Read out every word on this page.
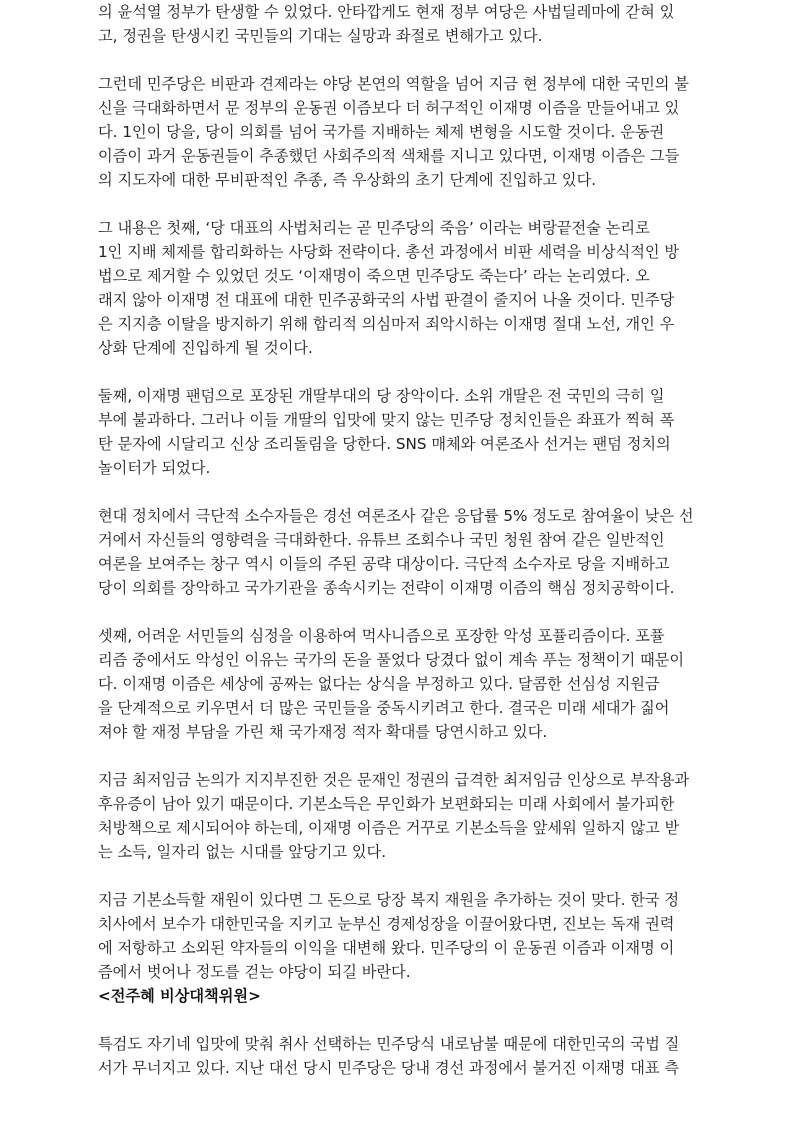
의 윤석열 정부가 탄생할 수 있었다. 안타깝게도 현재 정부 여당은 사법딜레마에 갇혀 있
고, 정권을 탄생시킨 국민들의 기대는 실망과 좌절로 변해가고 있다.
그런데 민주당은 비판과 견제라는 야당 본연의 역할을 넘어 지금 현 정부에 대한 국민의 불
신을 극대화하면서 문 정부의 운동권 이즘보다 더 허구적인 이재명 이즘을 만들어내고 있
다. 1인이 당을, 당이 의회를 넘어 국가를 지배하는 체제 변형을 시도할 것이다. 운동권
이즘이 과거 운동권들이 추종했던 사회주의적 색채를 지니고 있다면, 이재명 이즘은 그들
의 지도자에 대한 무비판적인 추종, 즉 우상화의 초기 단계에 진입하고 있다.
그 내용은 첫째, ‘당 대표의 사법처리는 곧 민주당의 죽음’ 이라는 벼랑끝전술 논리로
1인 지배 체제를 합리화하는 사당화 전략이다. 총선 과정에서 비판 세력을 비상식적인 방
법으로 제거할 수 있었던 것도 ‘이재명이 죽으면 민주당도 죽는다’ 라는 논리였다. 오
래지 않아 이재명 전 대표에 대한 민주공화국의 사법 판결이 줄지어 나올 것이다. 민주당
은 지지층 이탈을 방지하기 위해 합리적 의심마저 죄악시하는 이재명 절대 노선, 개인 우
상화 단계에 진입하게 될 것이다.
둘째, 이재명 팬덤으로 포장된 개딸부대의 당 장악이다. 소위 개딸은 전 국민의 극히 일
부에 불과하다. 그러나 이들 개딸의 입맛에 맞지 않는 민주당 정치인들은 좌표가 찍혀 폭
탄 문자에 시달리고 신상 조리돌림을 당한다. SNS 매체와 여론조사 선거는 팬덤 정치의
놀이터가 되었다.
현대 정치에서 극단적 소수자들은 경선 여론조사 같은 응답률 5% 정도로 참여율이 낮은 선
거에서 자신들의 영향력을 극대화한다. 유튜브 조회수나 국민 청원 참여 같은 일반적인
여론을 보여주는 창구 역시 이들의 주된 공략 대상이다. 극단적 소수자로 당을 지배하고
당이 의회를 장악하고 국가기관을 종속시키는 전략이 이재명 이즘의 핵심 정치공학이다.
셋째, 어려운 서민들의 심정을 이용하여 먹사니즘으로 포장한 악성 포퓰리즘이다. 포퓰
리즘 중에서도 악성인 이유는 국가의 돈을 풀었다 당겼다 없이 계속 푸는 정책이기 때문이
다. 이재명 이즘은 세상에 공짜는 없다는 상식을 부정하고 있다. 달콤한 선심성 지원금
을 단계적으로 키우면서 더 많은 국민들을 중독시키려고 한다. 결국은 미래 세대가 짊어
져야 할 재정 부담을 가린 채 국가재정 적자 확대를 당연시하고 있다.
지금 최저임금 논의가 지지부진한 것은 문재인 정권의 급격한 최저임금 인상으로 부작용과
후유증이 남아 있기 때문이다. 기본소득은 무인화가 보편화되는 미래 사회에서 불가피한
처방책으로 제시되어야 하는데, 이재명 이즘은 거꾸로 기본소득을 앞세워 일하지 않고 받
는 소득, 일자리 없는 시대를 앞당기고 있다.
지금 기본소득할 재원이 있다면 그 돈으로 당장 복지 재원을 추가하는 것이 맞다. 한국 정
치사에서 보수가 대한민국을 지키고 눈부신 경제성장을 이끌어왔다면, 진보는 독재 권력
에 저항하고 소외된 약자들의 이익을 대변해 왔다. 민주당의 이 운동권 이즘과 이재명 이
즘에서 벗어나 정도를 걷는 야당이 되길 바란다.
<전주혜 비상대책위원>
특검도 자기네 입맛에 맞춰 취사 선택하는 민주당식 내로남불 때문에 대한민국의 국법 질
서가 무너지고 있다. 지난 대선 당시 민주당은 당내 경선 과정에서 불거진 이재명 대표 측
